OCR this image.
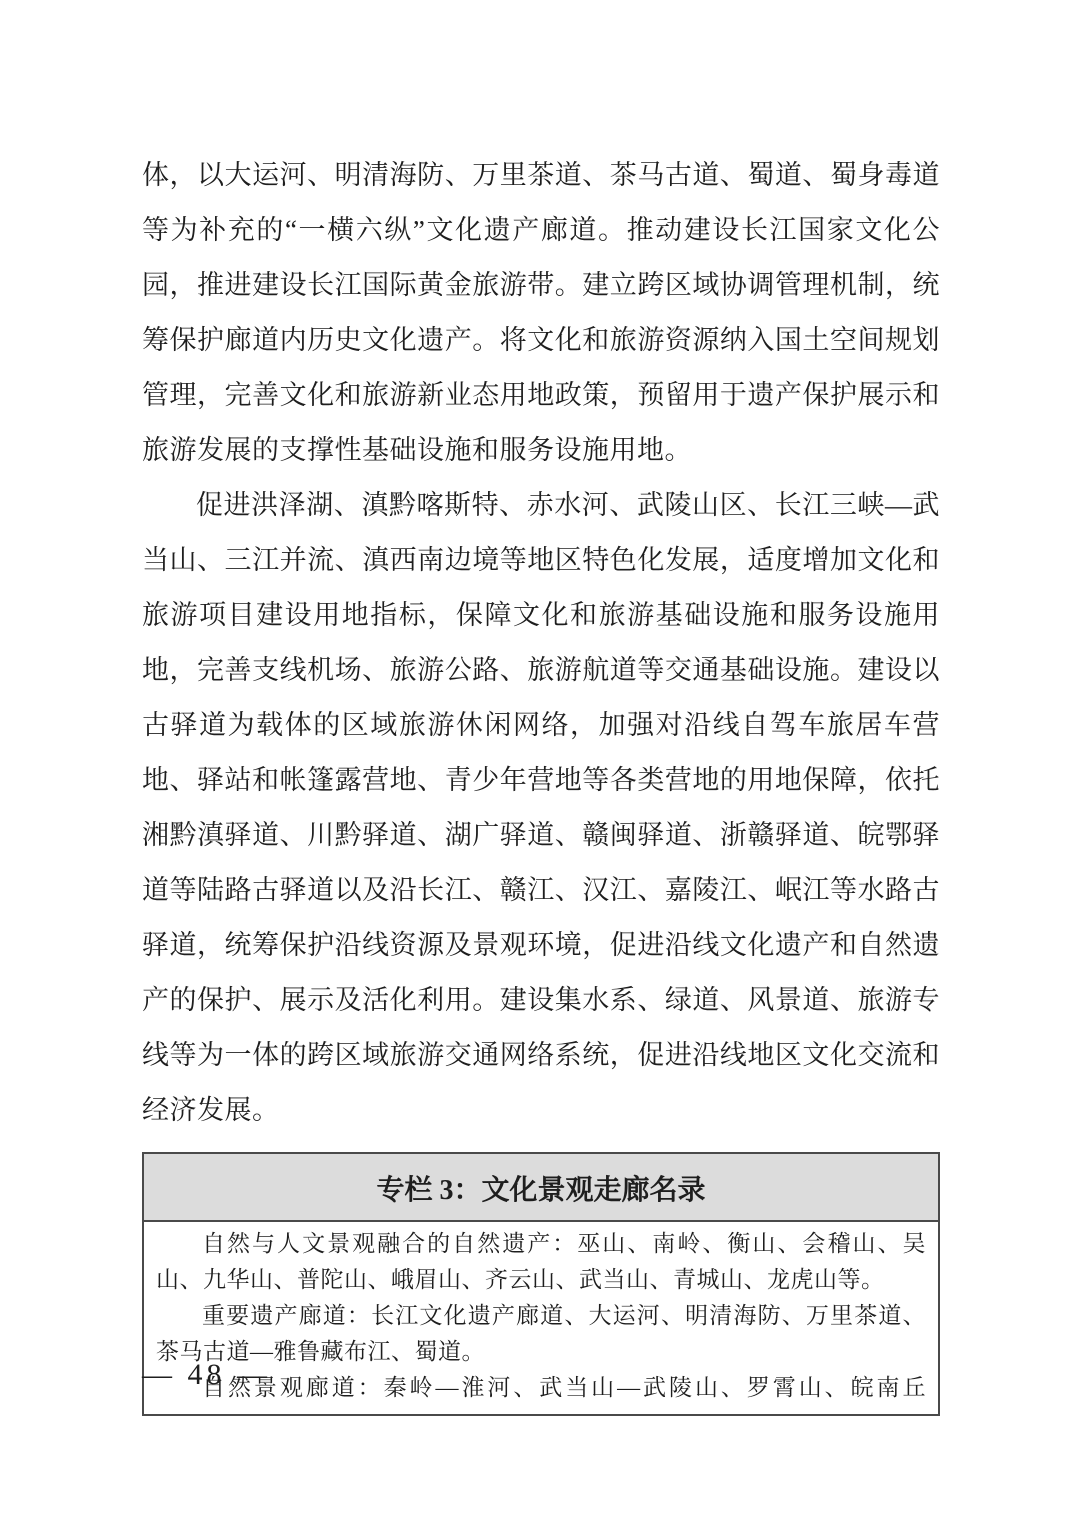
体，以大运河、明清海防、万里茶道、茶马古道、蜀道、蜀身毒道等为补充的“一横六纵”文化遗产廊道。推动建设长江国家文化公园，推进建设长江国际黄金旅游带。建立跨区域协调管理机制，统筹保护廊道内历史文化遗产。将文化和旅游资源纳入国土空间规划管理，完善文化和旅游新业态用地政策，预留用于遗产保护展示和旅游发展的支撑性基础设施和服务设施用地。

促进洪泽湖、滇黔喀斯特、赤水河、武陵山区、长江三峡—武当山、三江并流、滇西南边境等地区特色化发展，适度增加文化和旅游项目建设用地指标，保障文化和旅游基础设施和服务设施用地，完善支线机场、旅游公路、旅游航道等交通基础设施。建设以古驿道为载体的区域旅游休闲网络，加强对沿线自驾车旅居车营地、驿站和帐篷露营地、青少年营地等各类营地的用地保障，依托湘黔滇驿道、川黔驿道、湖广驿道、赣闽驿道、浙赣驿道、皖鄂驿道等陆路古驿道以及沿长江、赣江、汉江、嘉陵江、岷江等水路古驿道，统筹保护沿线资源及景观环境，促进沿线文化遗产和自然遗产的保护、展示及活化利用。建设集水系、绿道、风景道、旅游专线等为一体的跨区域旅游交通网络系统，促进沿线地区文化交流和经济发展。

专栏 3：文化景观走廊名录

自然与人文景观融合的自然遗产：巫山、南岭、衡山、会稽山、吴山、九华山、普陀山、峨眉山、齐云山、武当山、青城山、龙虎山等。

重要遗产廊道：长江文化遗产廊道、大运河、明清海防、万里茶道、茶马古道—雅鲁藏布江、蜀道。

自然景观廊道：秦岭—淮河、武当山—武陵山、罗霄山、皖南丘

— 48 —
